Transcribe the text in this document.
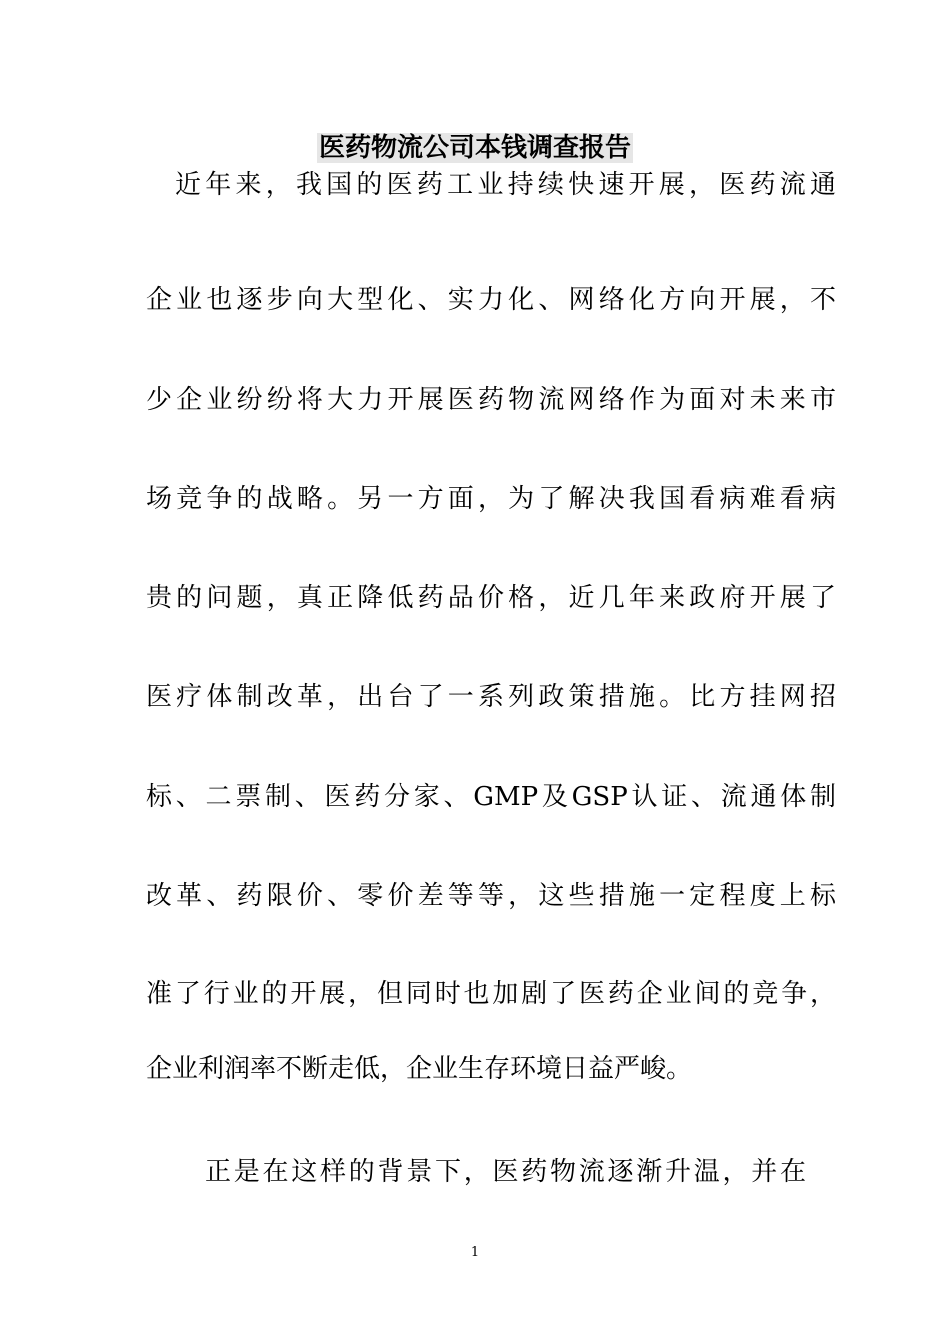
医药物流公司本钱调查报告
近年来，我国的医药工业持续快速开展，医药流通
企业也逐步向大型化、实力化、网络化方向开展，不
少企业纷纷将大力开展医药物流网络作为面对未来市
场竞争的战略。另一方面，为了解决我国看病难看病
贵的问题，真正降低药品价格，近几年来政府开展了
医疗体制改革，出台了一系列政策措施。比方挂网招
标、二票制、医药分家、GMP及GSP认证、流通体制
改革、药限价、零价差等等，这些措施一定程度上标
准了行业的开展，但同时也加剧了医药企业间的竞争，
企业利润率不断走低，企业生存环境日益严峻。
正是在这样的背景下，医药物流逐渐升温，并在
1
